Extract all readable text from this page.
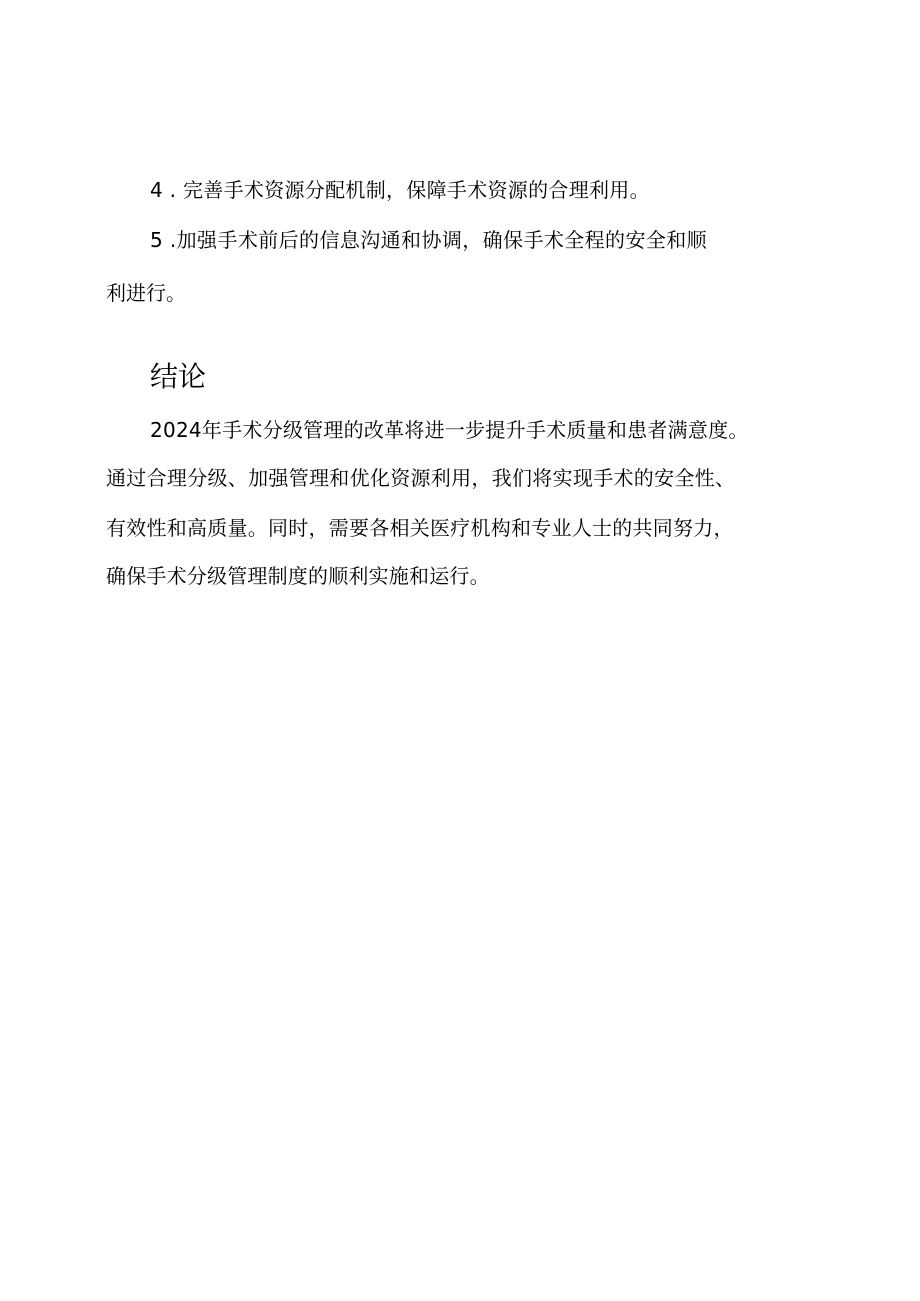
4 . 完善手术资源分配机制，保障手术资源的合理利用。
5 .加强手术前后的信息沟通和协调，确保手术全程的安全和顺
利进行。
结论
2024年手术分级管理的改革将进一步提升手术质量和患者满意度。
通过合理分级、加强管理和优化资源利用，我们将实现手术的安全性、
有效性和高质量。同时，需要各相关医疗机构和专业人士的共同努力，
确保手术分级管理制度的顺利实施和运行。
